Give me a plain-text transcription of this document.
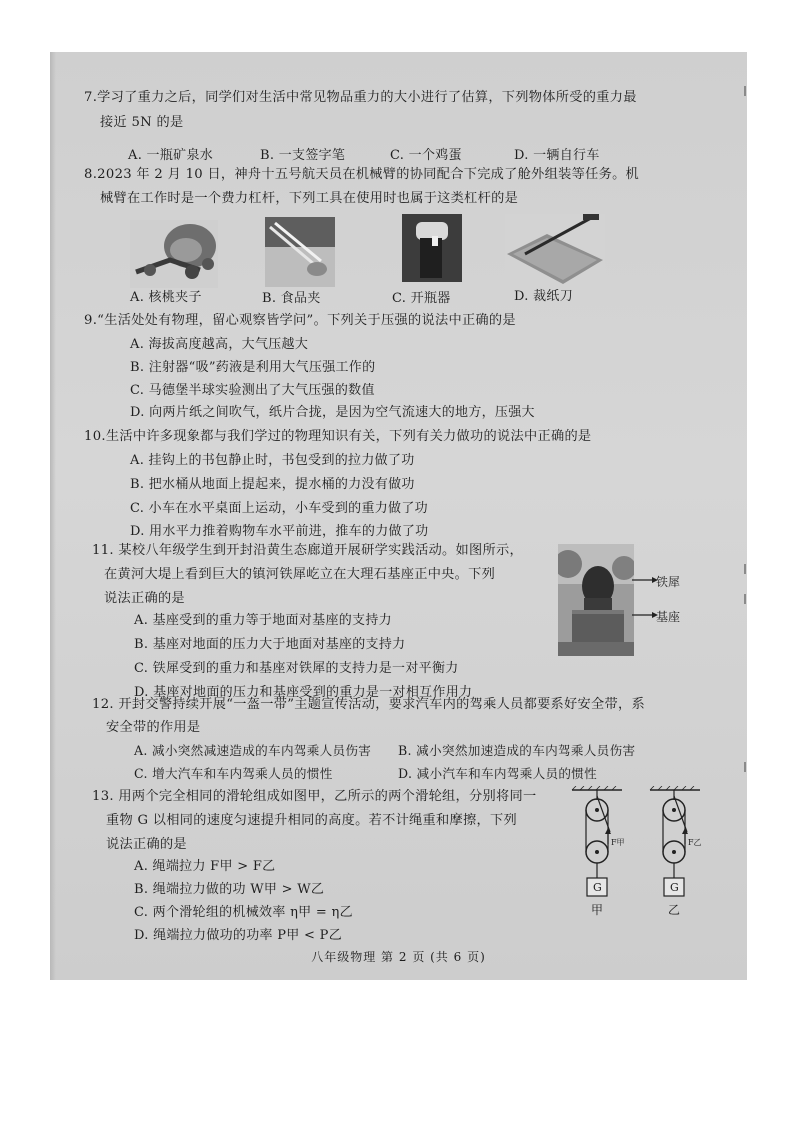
7.学习了重力之后，同学们对生活中常见物品重力的大小进行了估算，下列物体所受的重力最
接近 5N 的是
A. 一瓶矿泉水	B. 一支签字笔	C. 一个鸡蛋	D. 一辆自行车
8.2023 年 2 月 10 日，神舟十五号航天员在机械臂的协同配合下完成了舱外组装等任务。机
械臂在工作时是一个费力杠杆，下列工具在使用时也属于这类杠杆的是
A. 核桃夹子	B. 食品夹	C. 开瓶器	D. 裁纸刀
9.“生活处处有物理，留心观察皆学问”。下列关于压强的说法中正确的是
A. 海拔高度越高，大气压越大
B. 注射器“吸”药液是利用大气压强工作的
C. 马德堡半球实验测出了大气压强的数值
D. 向两片纸之间吹气，纸片合拢，是因为空气流速大的地方，压强大
10.生活中许多现象都与我们学过的物理知识有关，下列有关力做功的说法中正确的是
A. 挂钩上的书包静止时，书包受到的拉力做了功
B. 把水桶从地面上提起来，提水桶的力没有做功
C. 小车在水平桌面上运动，小车受到的重力做了功
D. 用水平力推着购物车水平前进，推车的力做了功
11. 某校八年级学生到开封沿黄生态廊道开展研学实践活动。如图所示，
在黄河大堤上看到巨大的镇河铁犀屹立在大理石基座正中央。下列
说法正确的是
A. 基座受到的重力等于地面对基座的支持力
B. 基座对地面的压力大于地面对基座的支持力
C. 铁犀受到的重力和基座对铁犀的支持力是一对平衡力
D. 基座对地面的压力和基座受到的重力是一对相互作用力
铁犀
基座
12. 开封交警持续开展“一盔一带”主题宣传活动，要求汽车内的驾乘人员都要系好安全带，系
安全带的作用是
A. 减小突然减速造成的车内驾乘人员伤害 B. 减小突然加速造成的车内驾乘人员伤害
C. 增大汽车和车内驾乘人员的惯性	D. 减小汽车和车内驾乘人员的惯性
13. 用两个完全相同的滑轮组成如图甲，乙所示的两个滑轮组，分别将同一
重物 G 以相同的速度匀速提升相同的高度。若不计绳重和摩擦，下列
说法正确的是
A. 绳端拉力 F甲 > F乙
B. 绳端拉力做的功 W甲 > W乙
C. 两个滑轮组的机械效率 η甲 = η乙
D. 绳端拉力做功的功率 P甲 < P乙
F甲	F乙
G	G
甲	乙
八年级物理 第 2 页 (共 6 页)
